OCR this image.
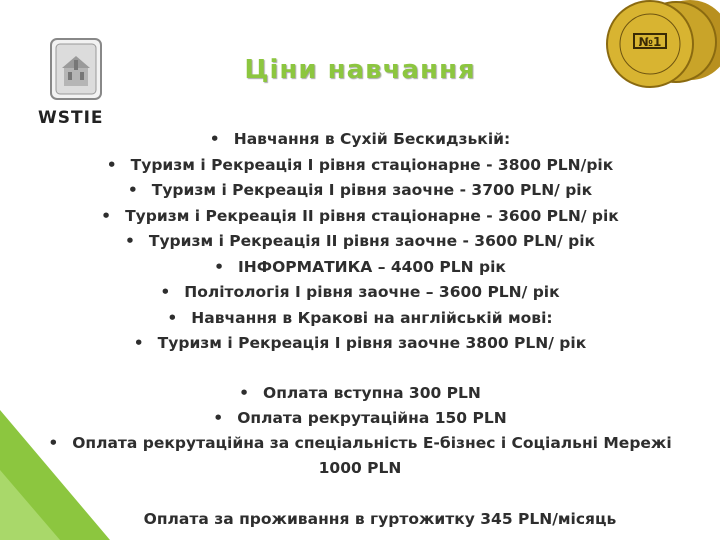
WSTIE
Ціни навчання
№1
• Навчання в Сухій Бескидзькій:
• Туризм і Рекреація I рівня стаціонарне - 3800 PLN/рік
• Туризм і Рекреація I рівня заочне - 3700 PLN/ рік
• Туризм і Рекреація II рівня стаціонарне - 3600 PLN/ рік
• Туризм і Рекреація II рівня заочне - 3600 PLN/ рік
• ІНФОРМАТИКА – 4400 PLN рік
• Політологія I рівня заочне – 3600 PLN/ рік
• Навчання в Кракові на англійській мові:
• Туризм і Рекреація I рівня заочне 3800 PLN/ рік
• Оплата вступна 300 PLN
• Оплата рекрутаційна 150 PLN
• Оплата рекрутаційна за спеціальність Е-бізнес і Соціальні Мережі 1000 PLN
Оплата за проживання в гуртожитку 345 PLN/місяць
